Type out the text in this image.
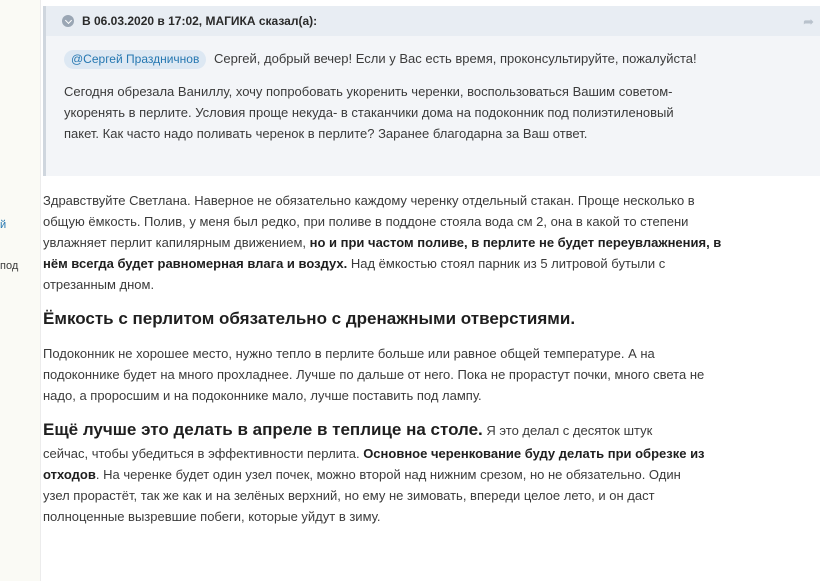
й
под
В 06.03.2020 в 17:02, МАГИКА сказал(а):	➦
@Сергей Праздничнов Сергей, добрый вечер! Если у Вас есть время, проконсультируйте, пожалуйста!
Сегодня обрезала Ваниллу, хочу попробовать укоренить черенки, воспользоваться Вашим советом-
укоренять в перлите. Условия проще некуда- в стаканчики дома на подоконник под полиэтиленовый
пакет. Как часто надо поливать черенок в перлите? Заранее благодарна за Ваш ответ.

Здравствуйте Светлана. Наверное не обязательно каждому черенку отдельный стакан. Проще несколько в

общую ёмкость. Полив, у меня был редко, при поливе в поддоне стояла вода см 2, она в какой то степени

увлажняет перлит капилярным движением, но и при частом поливе, в перлите не будет переувлажнения, в

нём всегда будет равномерная влага и воздух. Над ёмкостью стоял парник из 5 литровой бутыли с

отрезанным дном.

Ёмкость с перлитом обязательно с дренажными отверстиями.

Подоконник не хорошее место, нужно тепло в перлите больше или равное общей температуре. А на

подоконнике будет на много прохладнее. Лучше по дальше от него. Пока не прорастут почки, много света не

надо, а проросшим и на подоконнике мало, лучше поставить под лампу.

Ещё лучше это делать в апреле в теплице на столе. Я это делал с десяток штук

сейчас, чтобы убедиться в эффективности перлита. Основное черенкование буду делать при обрезке из

отходов. На черенке будет один узел почек, можно второй над нижним срезом, но не обязательно. Один

узел прорастёт, так же как и на зелёных верхний, но ему не зимовать, впереди целое лето, и он даст

полноценные вызревшие побеги, которые уйдут в зиму.
